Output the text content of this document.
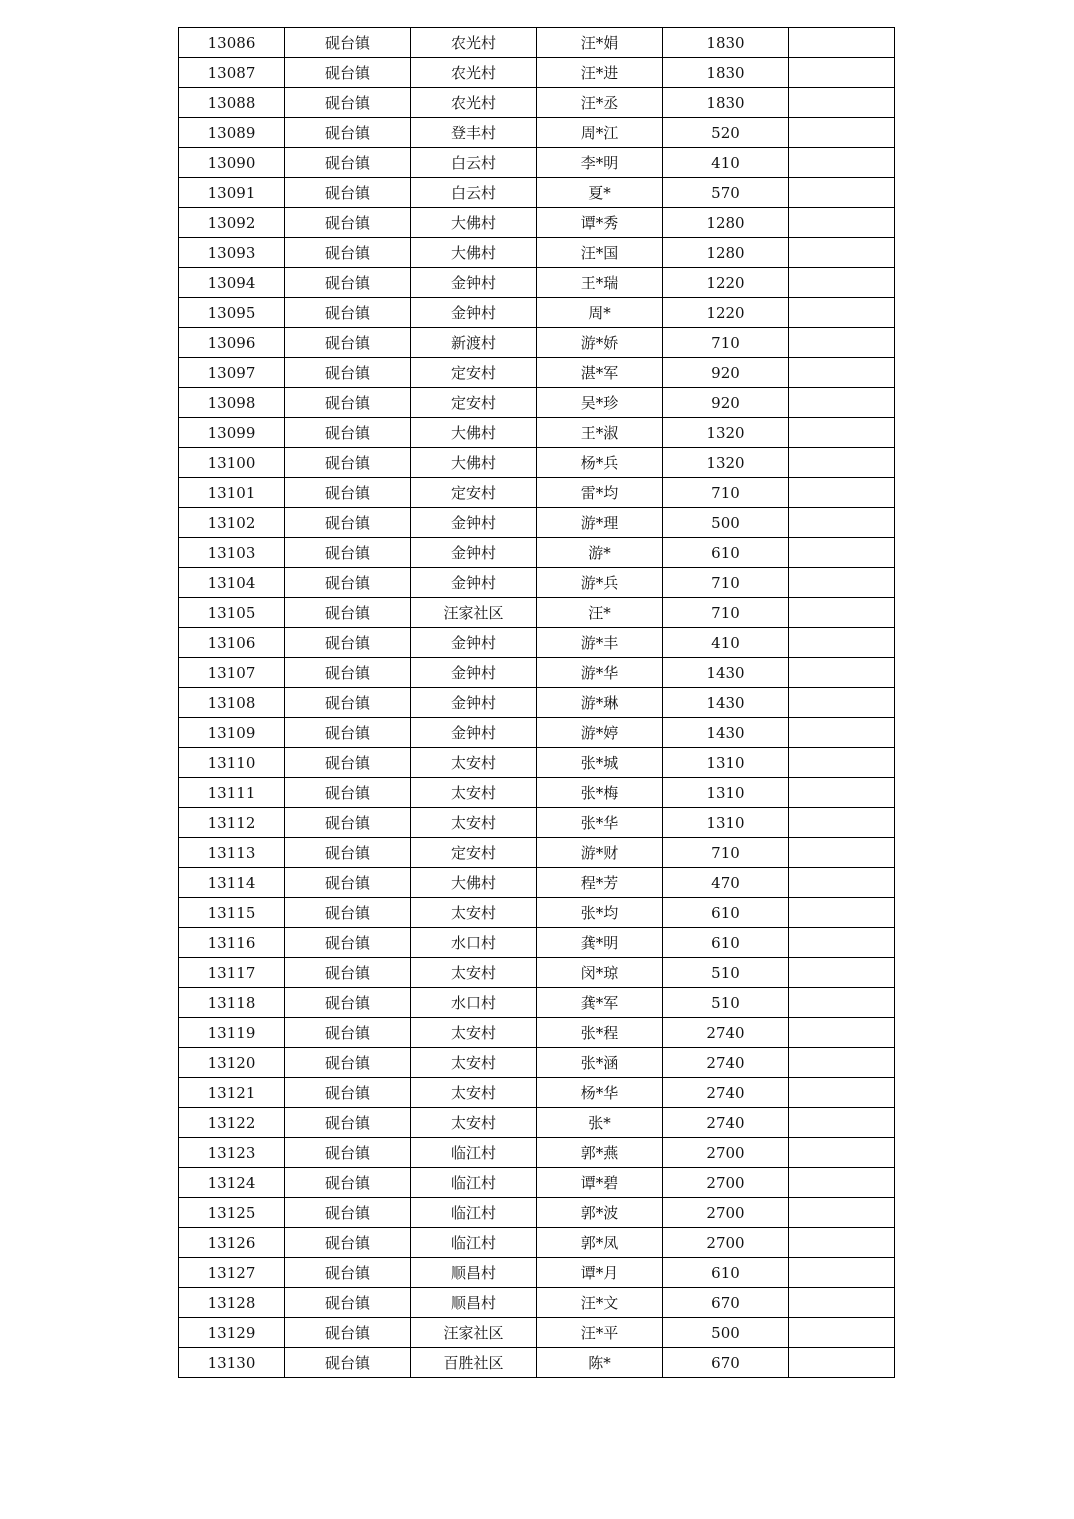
13086	砚台镇	农光村	汪*娟	1830	
13087	砚台镇	农光村	汪*进	1830	
13088	砚台镇	农光村	汪*丞	1830	
13089	砚台镇	登丰村	周*江	520	
13090	砚台镇	白云村	李*明	410	
13091	砚台镇	白云村	夏*	570	
13092	砚台镇	大佛村	谭*秀	1280	
13093	砚台镇	大佛村	汪*国	1280	
13094	砚台镇	金钟村	王*瑞	1220	
13095	砚台镇	金钟村	周*	1220	
13096	砚台镇	新渡村	游*娇	710	
13097	砚台镇	定安村	湛*军	920	
13098	砚台镇	定安村	吴*珍	920	
13099	砚台镇	大佛村	王*淑	1320	
13100	砚台镇	大佛村	杨*兵	1320	
13101	砚台镇	定安村	雷*均	710	
13102	砚台镇	金钟村	游*理	500	
13103	砚台镇	金钟村	游*	610	
13104	砚台镇	金钟村	游*兵	710	
13105	砚台镇	汪家社区	汪*	710	
13106	砚台镇	金钟村	游*丰	410	
13107	砚台镇	金钟村	游*华	1430	
13108	砚台镇	金钟村	游*琳	1430	
13109	砚台镇	金钟村	游*婷	1430	
13110	砚台镇	太安村	张*城	1310	
13111	砚台镇	太安村	张*梅	1310	
13112	砚台镇	太安村	张*华	1310	
13113	砚台镇	定安村	游*财	710	
13114	砚台镇	大佛村	程*芳	470	
13115	砚台镇	太安村	张*均	610	
13116	砚台镇	水口村	龚*明	610	
13117	砚台镇	太安村	闵*琼	510	
13118	砚台镇	水口村	龚*军	510	
13119	砚台镇	太安村	张*程	2740	
13120	砚台镇	太安村	张*涵	2740	
13121	砚台镇	太安村	杨*华	2740	
13122	砚台镇	太安村	张*	2740	
13123	砚台镇	临江村	郭*燕	2700	
13124	砚台镇	临江村	谭*碧	2700	
13125	砚台镇	临江村	郭*波	2700	
13126	砚台镇	临江村	郭*凤	2700	
13127	砚台镇	顺昌村	谭*月	610	
13128	砚台镇	顺昌村	汪*文	670	
13129	砚台镇	汪家社区	汪*平	500	
13130	砚台镇	百胜社区	陈*	670	
